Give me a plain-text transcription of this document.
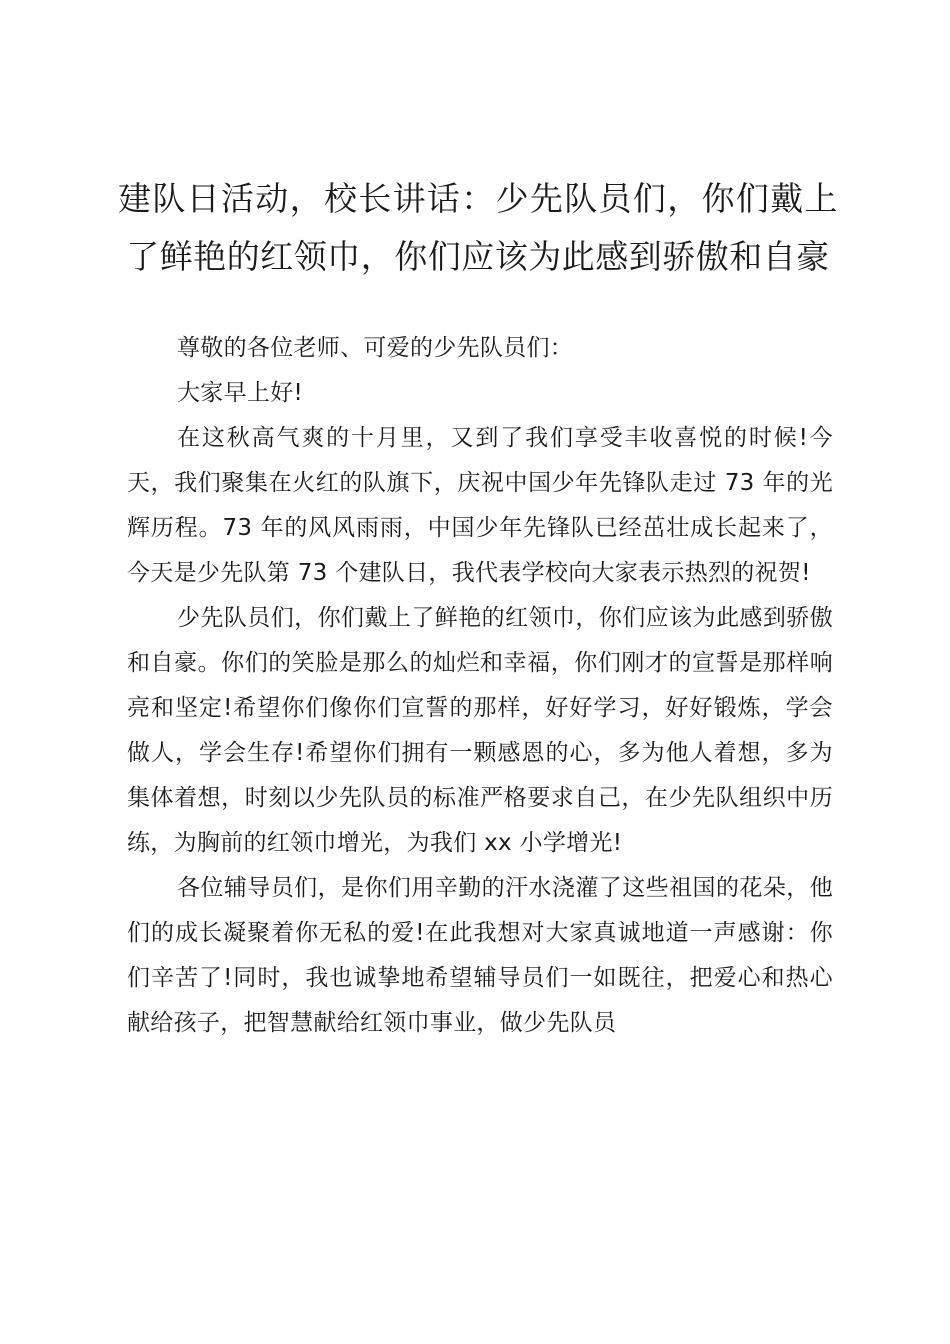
建队日活动，校长讲话：少先队员们，你们戴上了鲜艳的红领巾，你们应该为此感到骄傲和自豪

尊敬的各位老师、可爱的少先队员们：

大家早上好!

在这秋高气爽的十月里，又到了我们享受丰收喜悦的时候!今天，我们聚集在火红的队旗下，庆祝中国少年先锋队走过 73 年的光辉历程。73 年的风风雨雨，中国少年先锋队已经茁壮成长起来了，今天是少先队第 73 个建队日，我代表学校向大家表示热烈的祝贺!

少先队员们，你们戴上了鲜艳的红领巾，你们应该为此感到骄傲和自豪。你们的笑脸是那么的灿烂和幸福，你们刚才的宣誓是那样响亮和坚定!希望你们像你们宣誓的那样，好好学习，好好锻炼，学会做人，学会生存!希望你们拥有一颗感恩的心，多为他人着想，多为集体着想，时刻以少先队员的标准严格要求自己，在少先队组织中历练，为胸前的红领巾增光，为我们 xx 小学增光!

各位辅导员们，是你们用辛勤的汗水浇灌了这些祖国的花朵，他们的成长凝聚着你无私的爱!在此我想对大家真诚地道一声感谢：你们辛苦了!同时，我也诚挚地希望辅导员们一如既往，把爱心和热心献给孩子，把智慧献给红领巾事业，做少先队员
